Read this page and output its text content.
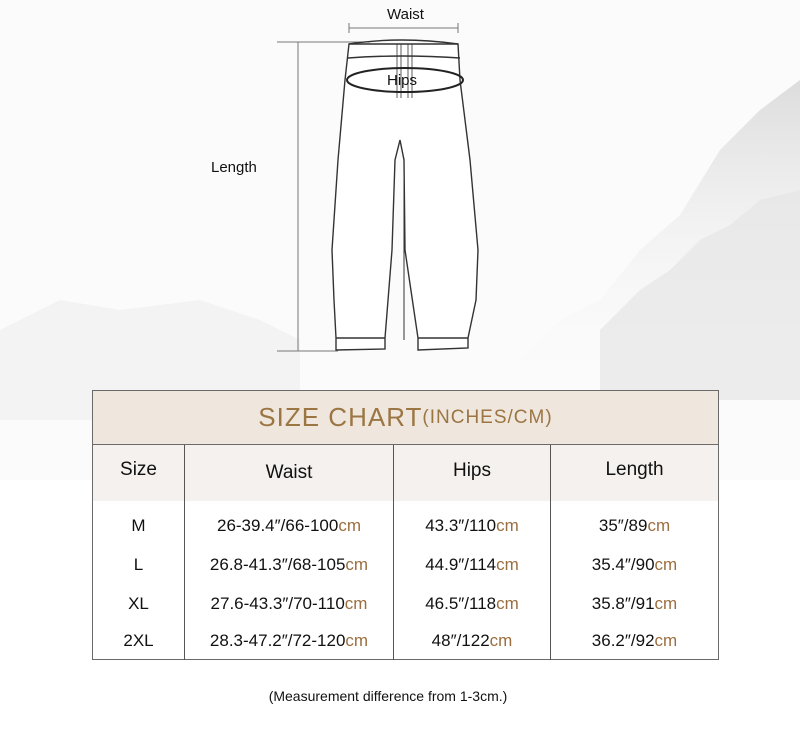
Waist
Hips
Length
SIZE CHART (INCHES/CM)
Size	Waist	Hips	Length
M	26-39.4″/66-100 cm	43.3″/110 cm	35″/89 cm
L	26.8-41.3″/68-105 cm	44.9″/114 cm	35.4″/90 cm
XL	27.6-43.3″/70-110 cm	46.5″/118 cm	35.8″/91 cm
2XL	28.3-47.2″/72-120 cm	48″/122 cm	36.2″/92 cm
(Measurement difference from 1-3cm.)
